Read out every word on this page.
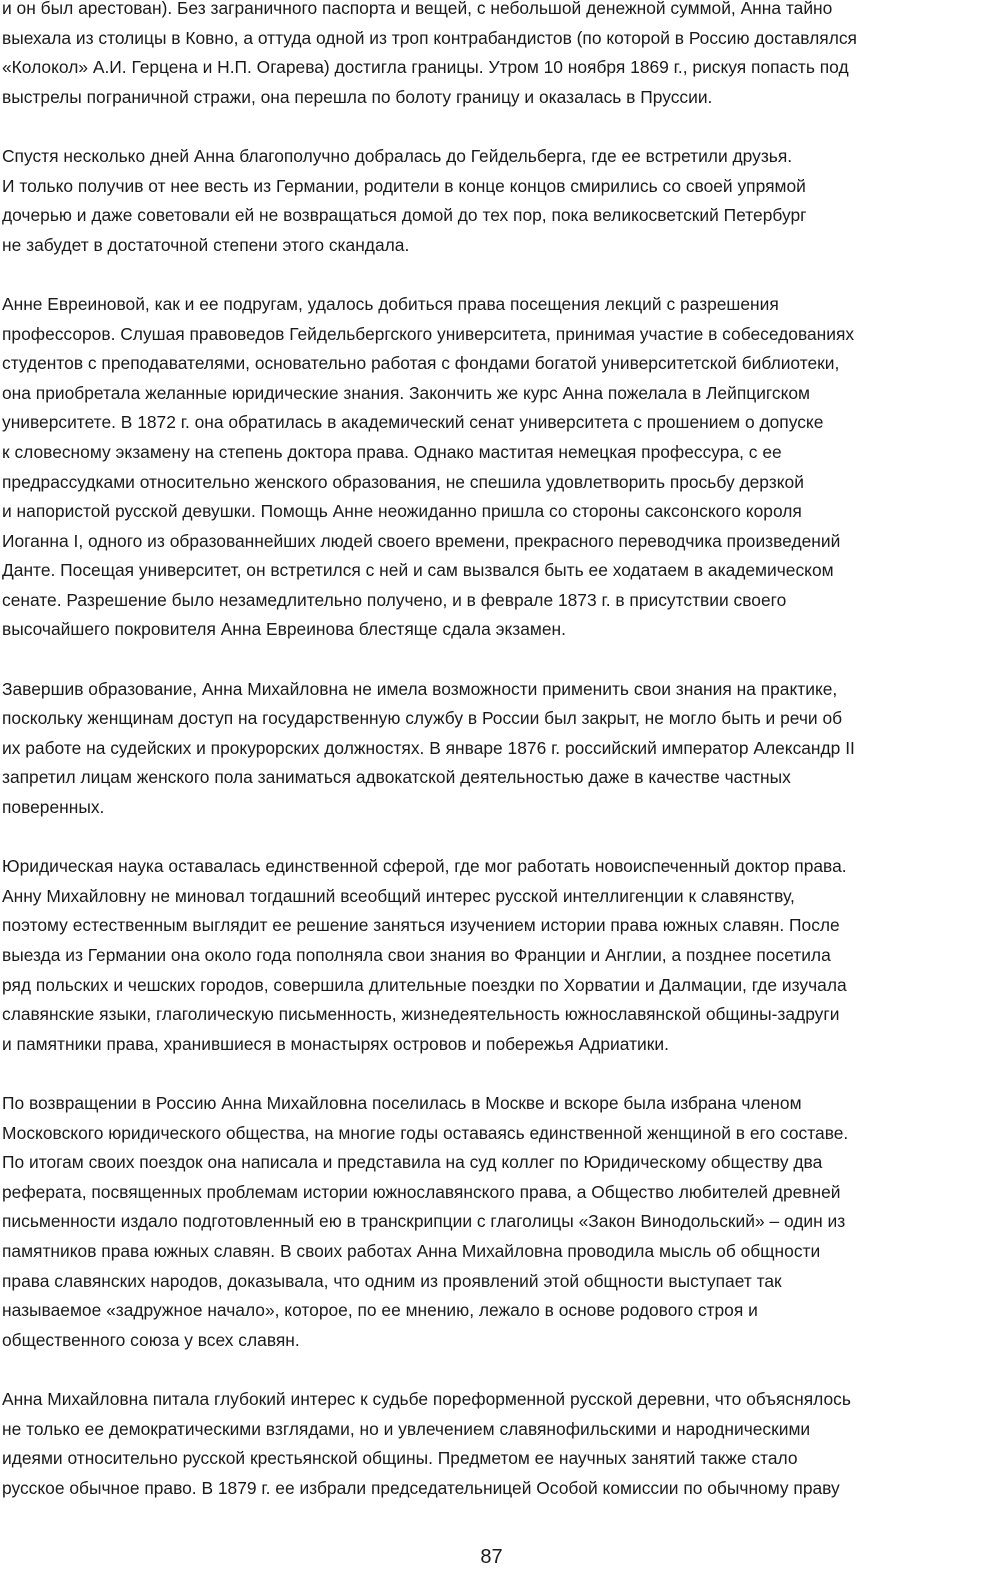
и он был арестован). Без заграничного паспорта и вещей, с небольшой денежной суммой, Анна тайно
выехала из столицы в Ковно, а оттуда одной из троп контрабандистов (по которой в Россию доставлялся
«Колокол» А.И. Герцена и Н.П. Огарева) достигла границы. Утром 10 ноября 1869 г., рискуя попасть под
выстрелы пограничной стражи, она перешла по болоту границу и оказалась в Пруссии.

Спустя несколько дней Анна благополучно добралась до Гейдельберга, где ее встретили друзья.
И только получив от нее весть из Германии, родители в конце концов смирились со своей упрямой
дочерью и даже советовали ей не возвращаться домой до тех пор, пока великосветский Петербург
не забудет в достаточной степени этого скандала.

Анне Евреиновой, как и ее подругам, удалось добиться права посещения лекций с разрешения
профессоров. Слушая правоведов Гейдельбергского университета, принимая участие в собеседованиях
студентов с преподавателями, основательно работая с фондами богатой университетской библиотеки,
она приобретала желанные юридические знания. Закончить же курс Анна пожелала в Лейпцигском
университете. В 1872 г. она обратилась в академический сенат университета с прошением о допуске
к словесному экзамену на степень доктора права. Однако маститая немецкая профессура, с ее
предрассудками относительно женского образования, не спешила удовлетворить просьбу дерзкой
и напористой русской девушки. Помощь Анне неожиданно пришла со стороны саксонского короля
Иоганна I, одного из образованнейших людей своего времени, прекрасного переводчика произведений
Данте. Посещая университет, он встретился с ней и сам вызвался быть ее ходатаем в академическом
сенате. Разрешение было незамедлительно получено, и в феврале 1873 г. в присутствии своего
высочайшего покровителя Анна Евреинова блестяще сдала экзамен.

Завершив образование, Анна Михайловна не имела возможности применить свои знания на практике,
поскольку женщинам доступ на государственную службу в России был закрыт, не могло быть и речи об
их работе на судейских и прокурорских должностях. В январе 1876 г. российский император Александр II
запретил лицам женского пола заниматься адвокатской деятельностью даже в качестве частных
поверенных.

Юридическая наука оставалась единственной сферой, где мог работать новоиспеченный доктор права.
Анну Михайловну не миновал тогдашний всеобщий интерес русской интеллигенции к славянству,
поэтому естественным выглядит ее решение заняться изучением истории права южных славян. После
выезда из Германии она около года пополняла свои знания во Франции и Англии, а позднее посетила
ряд польских и чешских городов, совершила длительные поездки по Хорватии и Далмации, где изучала
славянские языки, глаголическую письменность, жизнедеятельность южнославянской общины-задруги
и памятники права, хранившиеся в монастырях островов и побережья Адриатики.

По возвращении в Россию Анна Михайловна поселилась в Москве и вскоре была избрана членом
Московского юридического общества, на многие годы оставаясь единственной женщиной в его составе.
По итогам своих поездок она написала и представила на суд коллег по Юридическому обществу два
реферата, посвященных проблемам истории южнославянского права, а Общество любителей древней
письменности издало подготовленный ею в транскрипции с глаголицы «Закон Винодольский» – один из
памятников права южных славян. В своих работах Анна Михайловна проводила мысль об общности
права славянских народов, доказывала, что одним из проявлений этой общности выступает так
называемое «задружное начало», которое, по ее мнению, лежало в основе родового строя и
общественного союза у всех славян.

Анна Михайловна питала глубокий интерес к судьбе пореформенной русской деревни, что объяснялось
не только ее демократическими взглядами, но и увлечением славянофильскими и народническими
идеями относительно русской крестьянской общины. Предметом ее научных занятий также стало
русское обычное право. В 1879 г. ее избрали председательницей Особой комиссии по обычному праву

87
